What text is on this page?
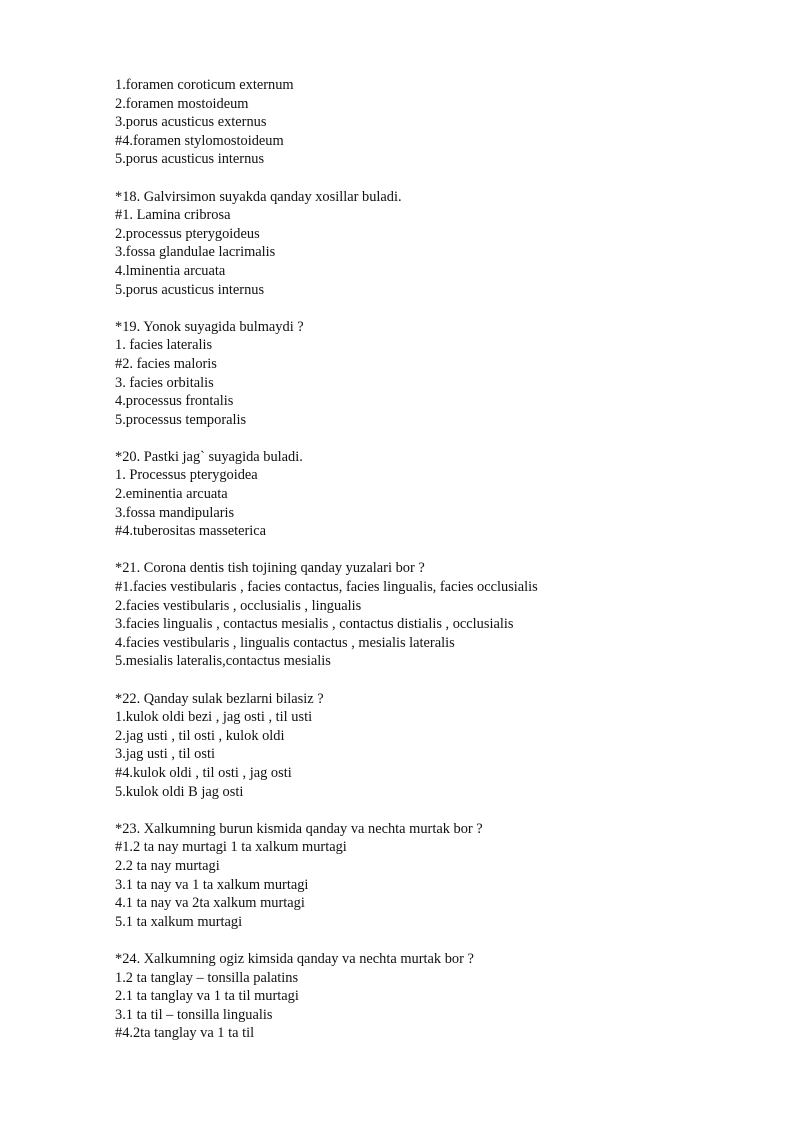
1.foramen coroticum externum
2.foramen mostoideum
3.porus acusticus externus
#4.foramen stylomostoideum
5.porus acusticus internus
*18. Galvirsimon suyakda qanday xosillar buladi.
#1. Lamina cribrosa
2.processus pterygoideus
3.fossa glandulae lacrimalis
4.lminentia arcuata
5.porus acusticus internus
*19. Yonok suyagida bulmaydi ?
1. facies lateralis
#2. facies maloris
3. facies orbitalis
4.processus frontalis
5.processus temporalis
*20. Pastki jag` suyagida buladi.
1. Processus pterygoidea
2.eminentia arcuata
3.fossa mandipularis
#4.tuberositas masseterica
*21. Corona dentis tish tojining qanday yuzalari bor ?
#1.facies vestibularis , facies contactus, facies lingualis, facies occlusialis
2.facies vestibularis , occlusialis , lingualis
3.facies lingualis , contactus mesialis , contactus distialis , occlusialis
4.facies vestibularis , lingualis contactus , mesialis lateralis
5.mesialis lateralis,contactus mesialis
*22. Qanday sulak bezlarni bilasiz ?
1.kulok oldi bezi , jag osti , til usti
2.jag usti , til osti , kulok oldi
3.jag usti , til osti
#4.kulok oldi , til osti , jag osti
5.kulok oldi B jag osti
*23. Xalkumning burun kismida qanday va nechta murtak bor ?
#1.2 ta nay murtagi 1 ta xalkum murtagi
2.2 ta nay murtagi
3.1 ta nay va 1 ta xalkum murtagi
4.1 ta nay va 2ta xalkum murtagi
5.1 ta xalkum murtagi
*24. Xalkumning ogiz kimsida qanday va nechta murtak bor ?
1.2 ta tanglay – tonsilla palatins
2.1 ta tanglay va 1 ta til murtagi
3.1 ta til – tonsilla lingualis
#4.2ta tanglay va 1 ta til
